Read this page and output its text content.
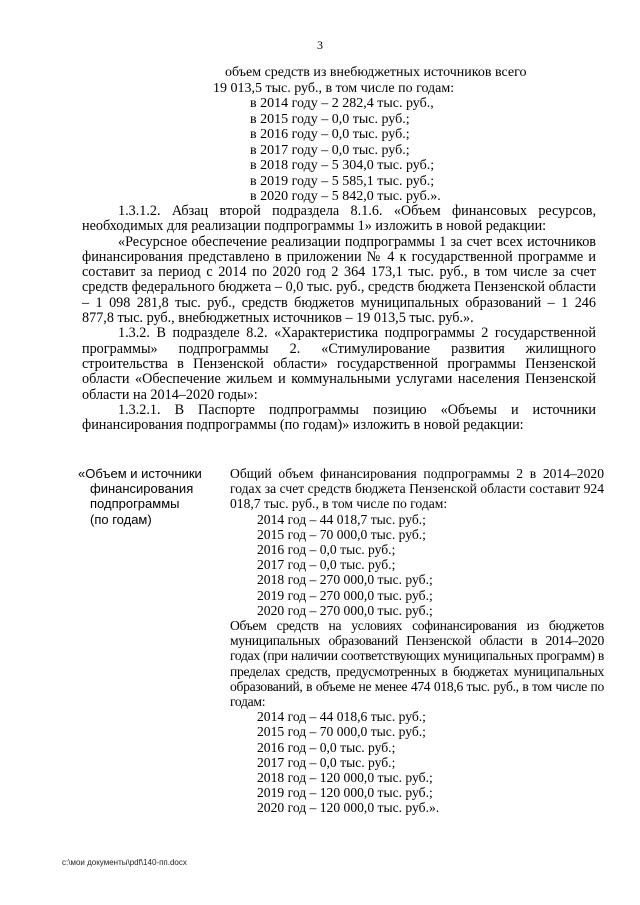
3
объем средств из внебюджетных источников всего
19 013,5 тыс. руб., в том числе по годам:
в 2014 году – 2 282,4 тыс. руб.,
в 2015 году – 0,0 тыс. руб.;
в 2016 году – 0,0 тыс. руб.;
в 2017 году – 0,0 тыс. руб.;
в 2018 году – 5 304,0 тыс. руб.;
в 2019 году – 5 585,1 тыс. руб.;
в 2020 году – 5 842,0 тыс. руб.».

1.3.1.2. Абзац второй подраздела 8.1.6. «Объем финансовых ресурсов, необходимых для реализации подпрограммы 1» изложить в новой редакции:

«Ресурсное обеспечение реализации подпрограммы 1 за счет всех источников финансирования представлено в приложении № 4 к государственной программе и составит за период с 2014 по 2020 год 2 364 173,1 тыс. руб., в том числе за счет средств федерального бюджета – 0,0 тыс. руб., средств бюджета Пензенской области – 1 098 281,8 тыс. руб., средств бюджетов муниципальных образований – 1 246 877,8 тыс. руб., внебюджетных источников – 19 013,5 тыс. руб.».

1.3.2. В подразделе 8.2. «Характеристика подпрограммы 2 государственной программы» подпрограммы 2. «Стимулирование развития жилищного строительства в Пензенской области» государственной программы Пензенской области «Обеспечение жильем и коммунальными услугами населения Пензенской области на 2014–2020 годы»:

1.3.2.1. В Паспорте подпрограммы позицию «Объемы и источники финансирования подпрограммы (по годам)» изложить в новой редакции:

«Объем и источники
финансирования
подпрограммы
(по годам)

Общий объем финансирования подпрограммы 2 в 2014–2020 годах за счет средств бюджета Пензенской области составит 924 018,7 тыс. руб., в том числе по годам:

2014 год – 44 018,7 тыс. руб.;
2015 год – 70 000,0 тыс. руб.;
2016 год – 0,0 тыс. руб.;
2017 год – 0,0 тыс. руб.;
2018 год – 270 000,0 тыс. руб.;
2019 год – 270 000,0 тыс. руб.;
2020 год – 270 000,0 тыс. руб.;

Объем средств на условиях софинансирования из бюджетов муниципальных образований Пензенской области в 2014–2020 годах (при наличии соответствующих муниципальных программ) в пределах средств, предусмотренных в бюджетах муниципальных образований, в объеме не менее 474 018,6 тыс. руб., в том числе по годам:

2014 год – 44 018,6 тыс. руб.;
2015 год – 70 000,0 тыс. руб.;
2016 год – 0,0 тыс. руб.;
2017 год – 0,0 тыс. руб.;
2018 год – 120 000,0 тыс. руб.;
2019 год – 120 000,0 тыс. руб.;
2020 год – 120 000,0 тыс. руб.».
c:\мои документы\pdf\140-пп.docx
